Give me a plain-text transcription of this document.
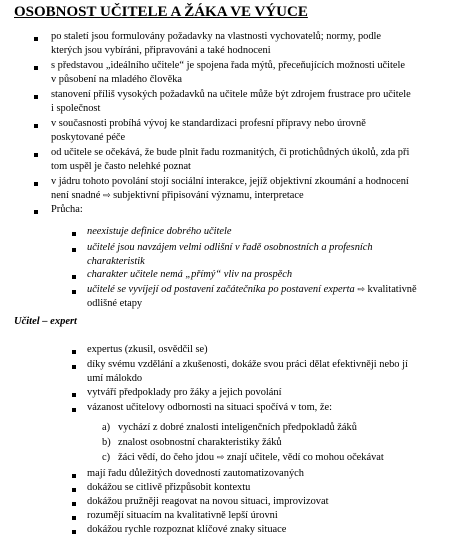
OSOBNOST UČITELE A ŽÁKA VE VÝUCE
po staletí jsou formulovány požadavky na vlastnosti vychovatelů; normy, podle
kterých jsou vybíráni, připravováni a také hodnoceni
s představou „ideálního učitele“ je spojena řada mýtů, přeceňujících možnosti učitele
v působení na mladého člověka
stanovení příliš vysokých požadavků na učitele může být zdrojem frustrace pro učitele
i společnost
v současnosti probíhá vývoj ke standardizaci profesní přípravy nebo úrovně
poskytované péče
od učitele se očekává, že bude plnit řadu rozmanitých, či protichůdných úkolů, zda při
tom uspěl je často nelehké poznat
v jádru tohoto povolání stojí sociální interakce, jejíž objektivní zkoumání a hodnocení
není snadné ⇨ subjektivní připisování významu, interpretace
Průcha:
neexistuje definice dobrého učitele
učitelé jsou navzájem velmi odlišní v řadě osobnostních a profesních
charakteristik
charakter učitele nemá „přímý“ vliv na prospěch
učitelé se vyvíjejí od postavení začátečníka po postavení experta ⇨ kvalitativně
odlišné etapy
Učitel – expert
expertus (zkusil, osvědčil se)
díky svému vzdělání a zkušenosti, dokáže svou práci dělat efektivněji nebo jí
umí málokdo
vytváří předpoklady pro žáky a jejich povolání
vázanost učitelovy odbornosti na situaci spočívá v tom, že:
a) vychází z dobré znalosti inteligenčních předpokladů žáků
b) znalost osobnostní charakteristiky žáků
c) žáci vědí, do čeho jdou ⇨ znají učitele, vědí co mohou očekávat
mají řadu důležitých dovedností zautomatizovaných
dokážou se citlivě přizpůsobit kontextu
dokážou pružněji reagovat na novou situaci, improvizovat
rozumějí situacím na kvalitativně lepší úrovni
dokážou rychle rozpoznat klíčové znaky situace
